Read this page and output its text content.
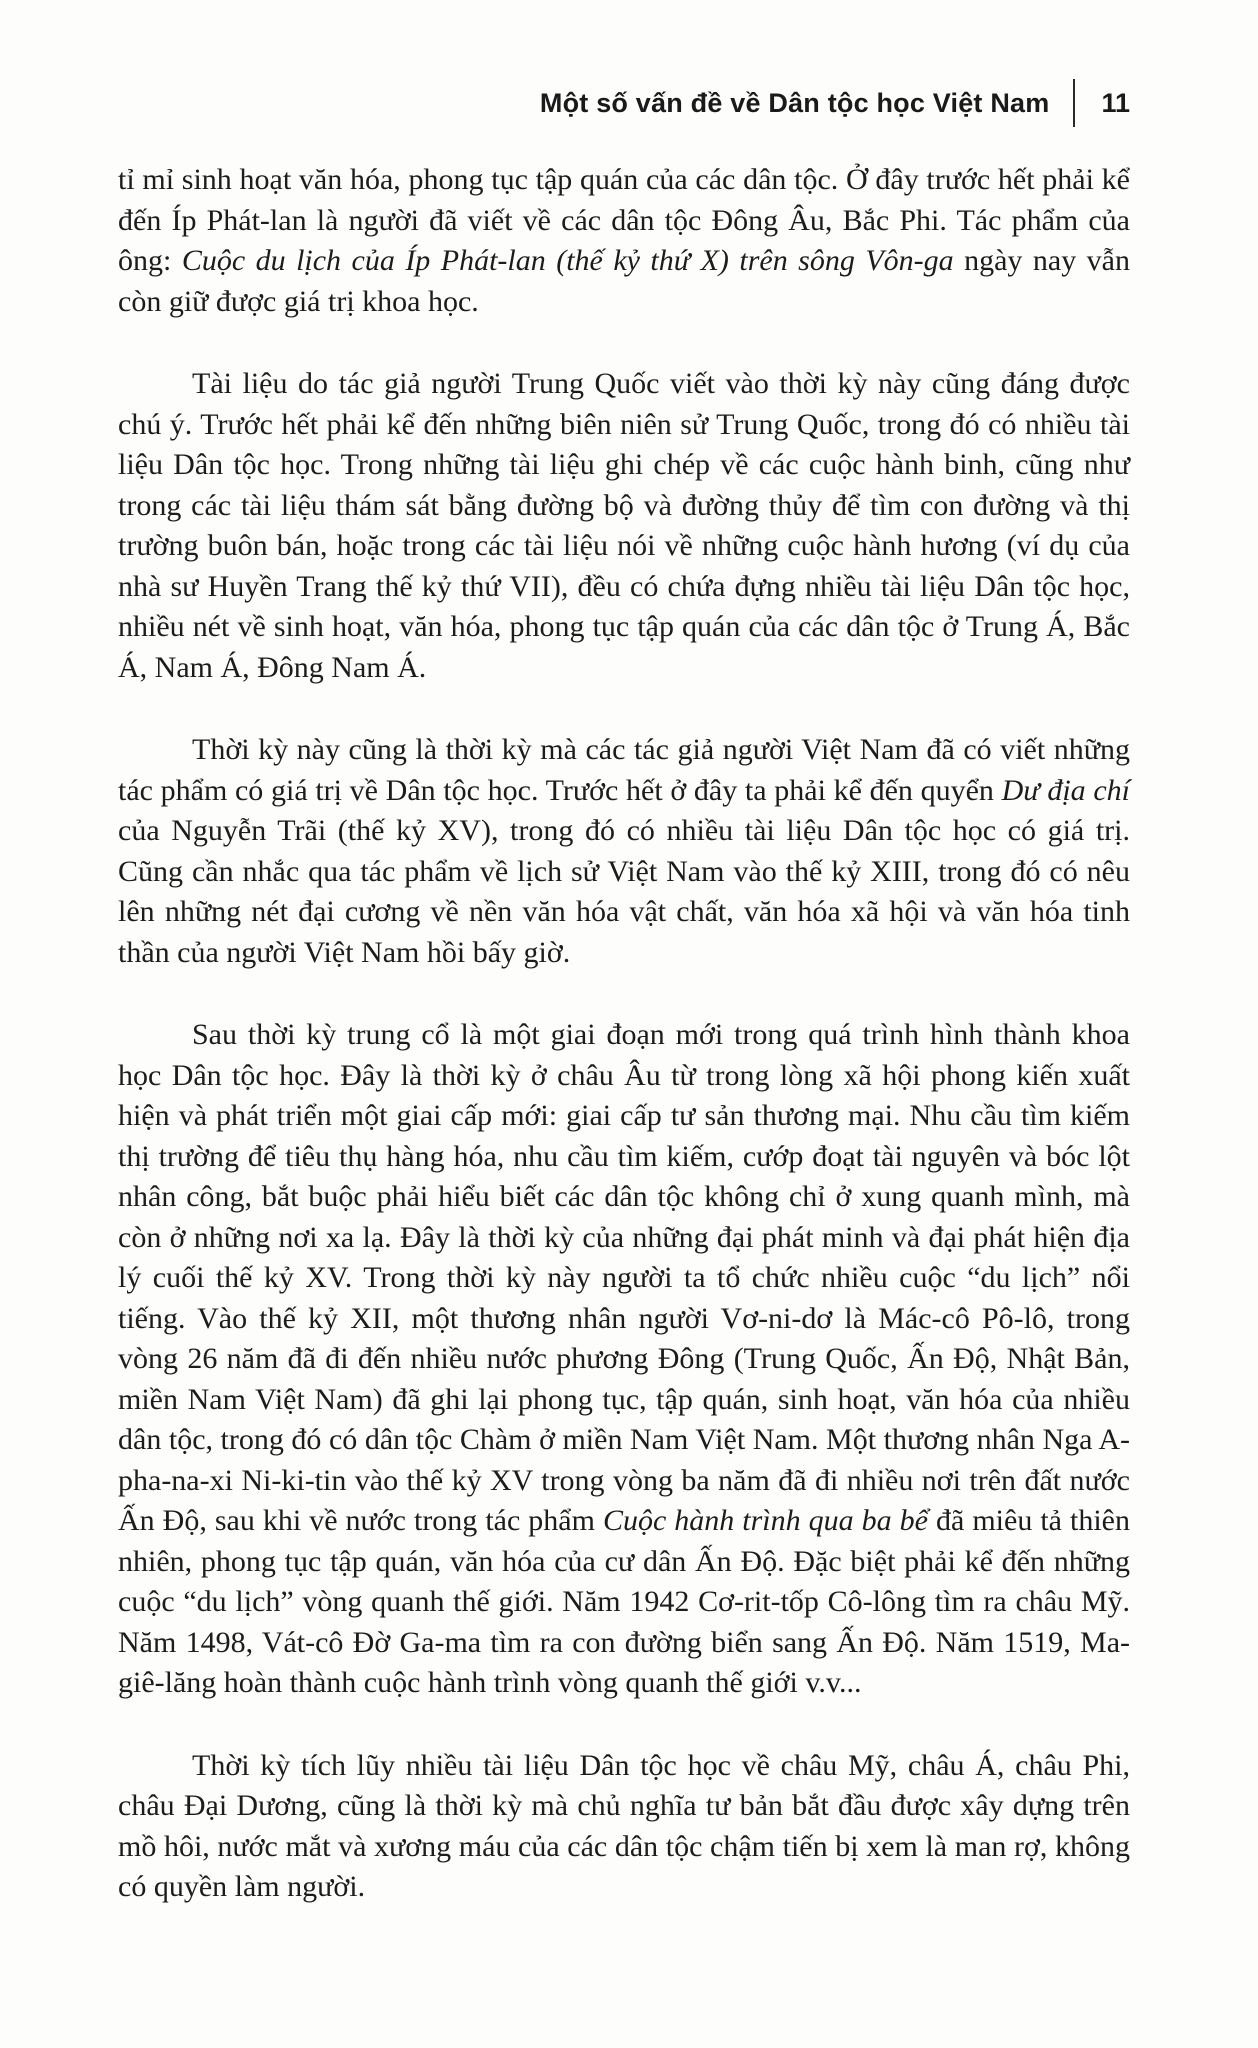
Một số vấn đề về Dân tộc học Việt Nam 11

tỉ mỉ sinh hoạt văn hóa, phong tục tập quán của các dân tộc. Ở đây trước hết phải kể đến Íp Phát-lan là người đã viết về các dân tộc Đông Âu, Bắc Phi. Tác phẩm của ông: Cuộc du lịch của Íp Phát-lan (thế kỷ thứ X) trên sông Vôn-ga ngày nay vẫn còn giữ được giá trị khoa học.

Tài liệu do tác giả người Trung Quốc viết vào thời kỳ này cũng đáng được chú ý. Trước hết phải kể đến những biên niên sử Trung Quốc, trong đó có nhiều tài liệu Dân tộc học. Trong những tài liệu ghi chép về các cuộc hành binh, cũng như trong các tài liệu thám sát bằng đường bộ và đường thủy để tìm con đường và thị trường buôn bán, hoặc trong các tài liệu nói về những cuộc hành hương (ví dụ của nhà sư Huyền Trang thế kỷ thứ VII), đều có chứa đựng nhiều tài liệu Dân tộc học, nhiều nét về sinh hoạt, văn hóa, phong tục tập quán của các dân tộc ở Trung Á, Bắc Á, Nam Á, Đông Nam Á.

Thời kỳ này cũng là thời kỳ mà các tác giả người Việt Nam đã có viết những tác phẩm có giá trị về Dân tộc học. Trước hết ở đây ta phải kể đến quyển Dư địa chí của Nguyễn Trãi (thế kỷ XV), trong đó có nhiều tài liệu Dân tộc học có giá trị. Cũng cần nhắc qua tác phẩm về lịch sử Việt Nam vào thế kỷ XIII, trong đó có nêu lên những nét đại cương về nền văn hóa vật chất, văn hóa xã hội và văn hóa tinh thần của người Việt Nam hồi bấy giờ.

Sau thời kỳ trung cổ là một giai đoạn mới trong quá trình hình thành khoa học Dân tộc học. Đây là thời kỳ ở châu Âu từ trong lòng xã hội phong kiến xuất hiện và phát triển một giai cấp mới: giai cấp tư sản thương mại. Nhu cầu tìm kiếm thị trường để tiêu thụ hàng hóa, nhu cầu tìm kiếm, cướp đoạt tài nguyên và bóc lột nhân công, bắt buộc phải hiểu biết các dân tộc không chỉ ở xung quanh mình, mà còn ở những nơi xa lạ. Đây là thời kỳ của những đại phát minh và đại phát hiện địa lý cuối thế kỷ XV. Trong thời kỳ này người ta tổ chức nhiều cuộc “du lịch” nổi tiếng. Vào thế kỷ XII, một thương nhân người Vơ-ni-dơ là Mác-cô Pô-lô, trong vòng 26 năm đã đi đến nhiều nước phương Đông (Trung Quốc, Ấn Độ, Nhật Bản, miền Nam Việt Nam) đã ghi lại phong tục, tập quán, sinh hoạt, văn hóa của nhiều dân tộc, trong đó có dân tộc Chàm ở miền Nam Việt Nam. Một thương nhân Nga A-pha-na-xi Ni-ki-tin vào thế kỷ XV trong vòng ba năm đã đi nhiều nơi trên đất nước Ấn Độ, sau khi về nước trong tác phẩm Cuộc hành trình qua ba bể đã miêu tả thiên nhiên, phong tục tập quán, văn hóa của cư dân Ấn Độ. Đặc biệt phải kể đến những cuộc “du lịch” vòng quanh thế giới. Năm 1942 Cơ-rit-tốp Cô-lông tìm ra châu Mỹ. Năm 1498, Vát-cô Đờ Ga-ma tìm ra con đường biển sang Ấn Độ. Năm 1519, Ma-giê-lăng hoàn thành cuộc hành trình vòng quanh thế giới v.v...

Thời kỳ tích lũy nhiều tài liệu Dân tộc học về châu Mỹ, châu Á, châu Phi, châu Đại Dương, cũng là thời kỳ mà chủ nghĩa tư bản bắt đầu được xây dựng trên mồ hôi, nước mắt và xương máu của các dân tộc chậm tiến bị xem là man rợ, không có quyền làm người.
